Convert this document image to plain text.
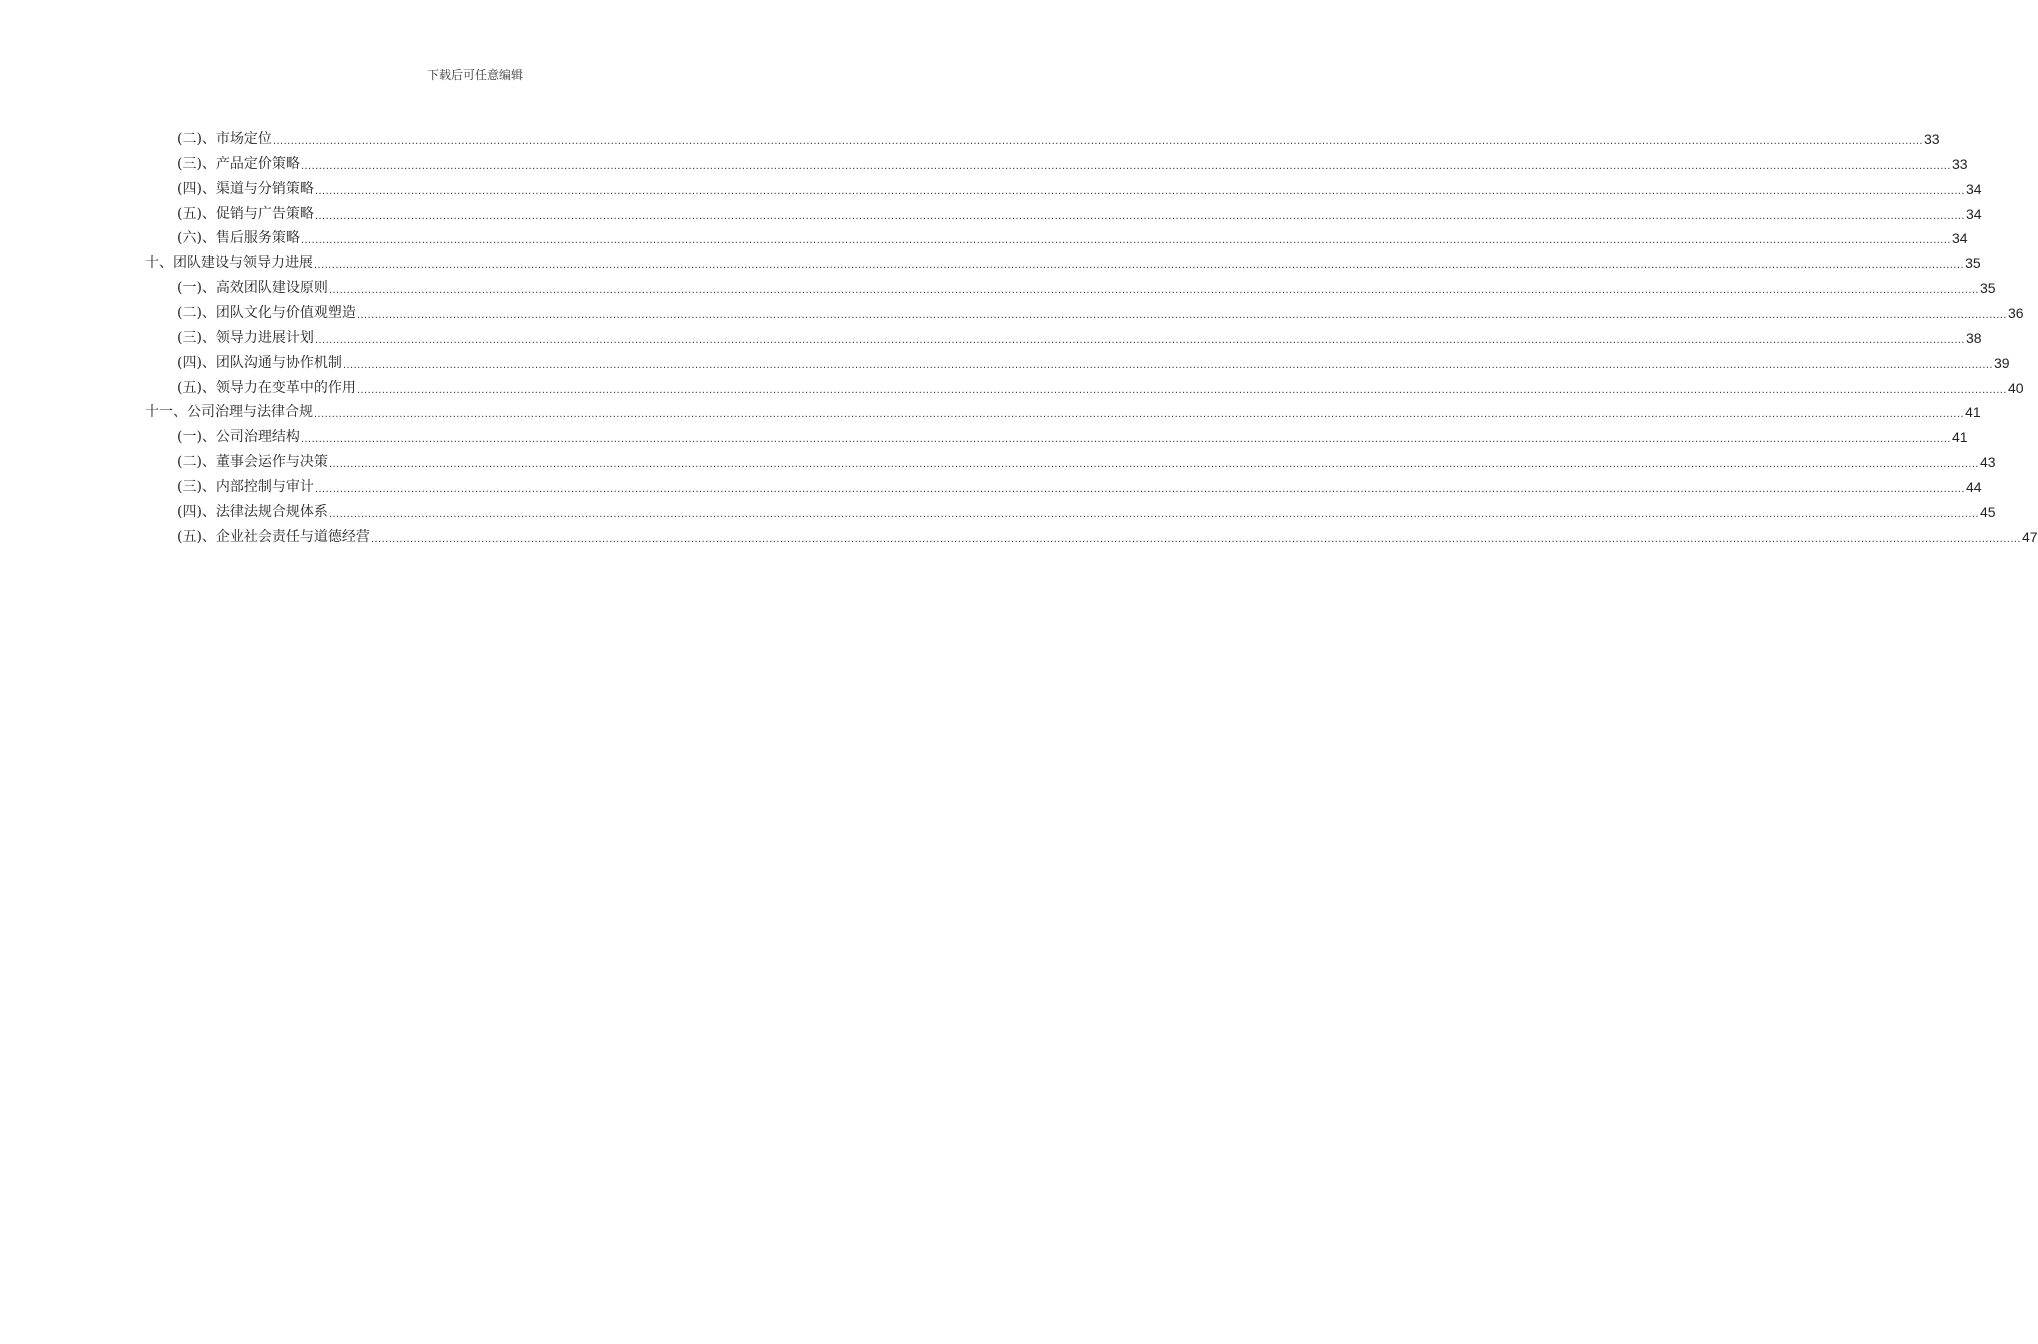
下载后可任意编辑
(二)、市场定位 ................................................................................................................................................................................................................................................................................................................................................................................................................................................................................ 33
(三)、产品定价策略 ................................................................................................................................................................................................................................................................................................................................................................................................................................................................................ 33
(四)、渠道与分销策略 ................................................................................................................................................................................................................................................................................................................................................................................................................................................................................ 34
(五)、促销与广告策略 ................................................................................................................................................................................................................................................................................................................................................................................................................................................................................ 34
(六)、售后服务策略 ................................................................................................................................................................................................................................................................................................................................................................................................................................................................................ 34
十、团队建设与领导力进展 ................................................................................................................................................................................................................................................................................................................................................................................................................................................................................ 35
(一)、高效团队建设原则 ................................................................................................................................................................................................................................................................................................................................................................................................................................................................................ 35
(二)、团队文化与价值观塑造 ................................................................................................................................................................................................................................................................................................................................................................................................................................................................................ 36
(三)、领导力进展计划 ................................................................................................................................................................................................................................................................................................................................................................................................................................................................................ 38
(四)、团队沟通与协作机制 ................................................................................................................................................................................................................................................................................................................................................................................................................................................................................ 39
(五)、领导力在变革中的作用 ................................................................................................................................................................................................................................................................................................................................................................................................................................................................................ 40
十一、公司治理与法律合规 ................................................................................................................................................................................................................................................................................................................................................................................................................................................................................ 41
(一)、公司治理结构 ................................................................................................................................................................................................................................................................................................................................................................................................................................................................................ 41
(二)、董事会运作与决策 ................................................................................................................................................................................................................................................................................................................................................................................................................................................................................ 43
(三)、内部控制与审计 ................................................................................................................................................................................................................................................................................................................................................................................................................................................................................ 44
(四)、法律法规合规体系 ................................................................................................................................................................................................................................................................................................................................................................................................................................................................................ 45
(五)、企业社会责任与道德经营 ................................................................................................................................................................................................................................................................................................................................................................................................................................................................................ 47
